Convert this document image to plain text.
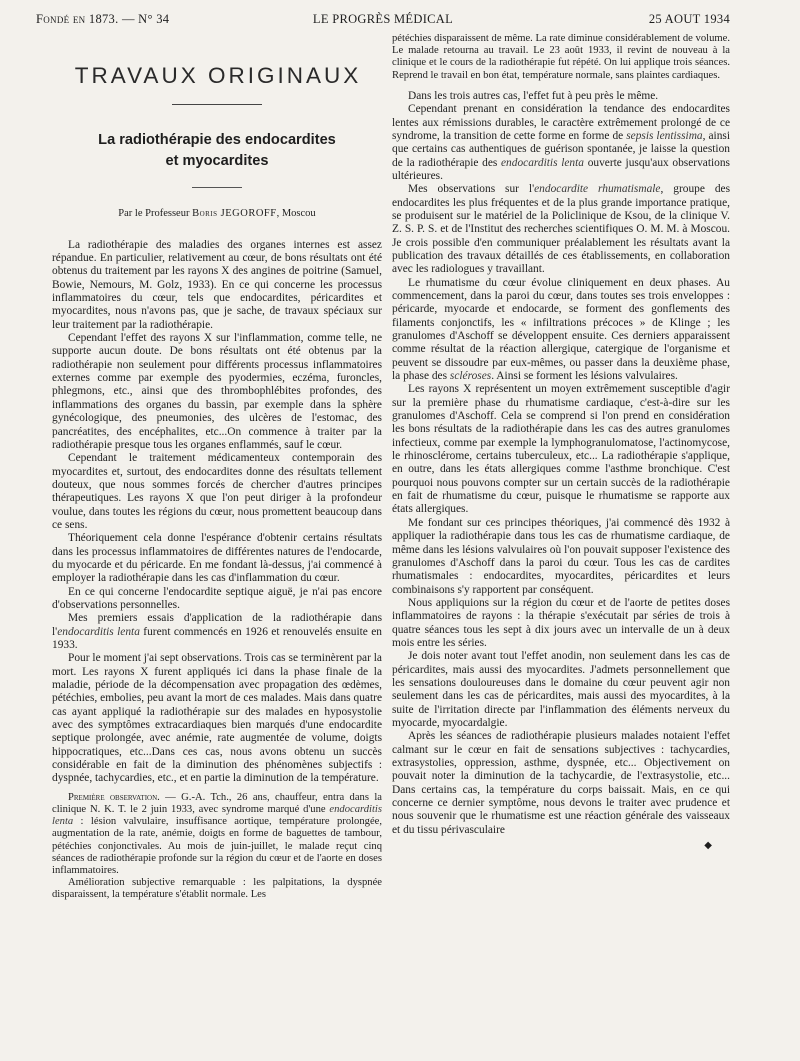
Fondé en 1873. — N° 34	LE PROGRÈS MÉDICAL	25 AOUT 1934
TRAVAUX ORIGINAUX
La radiothérapie des endocardites
et myocardites
Par le Professeur Boris JEGOROFF, Moscou

La radiothérapie des maladies des organes internes est assez répandue. En particulier, relativement au cœur, de bons résultats ont été obtenus du traitement par les rayons X des angines de poitrine (Samuel, Bowie, Nemours, M. Golz, 1933). En ce qui concerne les processus inflammatoires du cœur, tels que endocardites, péricardites et myocardites, nous n'avons pas, que je sache, de travaux spéciaux sur leur traitement par la radiothérapie.

Cependant l'effet des rayons X sur l'inflammation, comme telle, ne supporte aucun doute. De bons résultats ont été obtenus par la radiothérapie non seulement pour différents processus inflammatoires externes comme par exemple des pyodermies, eczéma, furoncles, phlegmons, etc., ainsi que des thrombophlébites profondes, des inflammations des organes du bassin, par exemple dans la sphère gynécologique, des pneumonies, des ulcères de l'estomac, des pancréatites, des encéphalites, etc...On commence à traiter par la radiothérapie presque tous les organes enflammés, sauf le cœur.

Cependant le traitement médicamenteux contemporain des myocardites et, surtout, des endocardites donne des résultats tellement douteux, que nous sommes forcés de chercher d'autres principes thérapeutiques. Les rayons X que l'on peut diriger à la profondeur voulue, dans toutes les régions du cœur, nous promettent beaucoup dans ce sens.

Théoriquement cela donne l'espérance d'obtenir certains résultats dans les processus inflammatoires de différentes natures de l'endocarde, du myocarde et du péricarde. En me fondant là-dessus, j'ai commencé à employer la radiothérapie dans les cas d'inflammation du cœur.

En ce qui concerne l'endocardite septique aiguë, je n'ai pas encore d'observations personnelles.

Mes premiers essais d'application de la radiothérapie dans l'endocarditis lenta furent commencés en 1926 et renouvelés ensuite en 1933.

Pour le moment j'ai sept observations. Trois cas se terminèrent par la mort. Les rayons X furent appliqués ici dans la phase finale de la maladie, période de la décompensation avec propagation des œdèmes, pétéchies, embolies, peu avant la mort de ces malades. Mais dans quatre cas ayant appliqué la radiothérapie sur des malades en hyposystolie avec des symptômes extracardiaques bien marqués d'une endocardite septique prolongée, avec anémie, rate augmentée de volume, doigts hippocratiques, etc...Dans ces cas, nous avons obtenu un succès considérable en fait de la diminution des phénomènes subjectifs : dyspnée, tachycardies, etc., et en partie la diminution de la température.

Première observation. — G.-A. Tch., 26 ans, chauffeur, entra dans la clinique N. K. T. le 2 juin 1933, avec syndrome marqué d'une endocarditis lenta : lésion valvulaire, insuffisance aortique, température prolongée, augmentation de la rate, anémie, doigts en forme de baguettes de tambour, pétéchies conjonctivales. Au mois de juin-juillet, le malade reçut cinq séances de radiothérapie profonde sur la région du cœur et de l'aorte en doses inflammatoires.

Amélioration subjective remarquable : les palpitations, la dyspnée disparaissent, la température s'établit normale. Les

pétéchies disparaissent de même. La rate diminue considérablement de volume. Le malade retourna au travail. Le 23 août 1933, il revint de nouveau à la clinique et le cours de la radiothérapie fut répété. On lui applique trois séances. Reprend le travail en bon état, température normale, sans plaintes cardiaques.

Dans les trois autres cas, l'effet fut à peu près le même.

Cependant prenant en considération la tendance des endocardites lentes aux rémissions durables, le caractère extrêmement prolongé de ce syndrome, la transition de cette forme en forme de sepsis lentissima, ainsi que certains cas authentiques de guérison spontanée, je laisse la question de la radiothérapie des endocarditis lenta ouverte jusqu'aux observations ultérieures.

Mes observations sur l'endocardite rhumatismale, groupe des endocardites les plus fréquentes et de la plus grande importance pratique, se produisent sur le matériel de la Policlinique de Ksou, de la clinique V. Z. S. P. S. et de l'Institut des recherches scientifiques O. M. M. à Moscou. Je crois possible d'en communiquer préalablement les résultats avant la publication des travaux détaillés de ces établissements, en collaboration avec les radiologues y travaillant.

Le rhumatisme du cœur évolue cliniquement en deux phases. Au commencement, dans la paroi du cœur, dans toutes ses trois enveloppes : péricarde, myocarde et endocarde, se forment des gonflements des filaments conjonctifs, les « infiltrations précoces » de Klinge ; les granulomes d'Aschoff se développent ensuite. Ces derniers apparaissent comme résultat de la réaction allergique, catergique de l'organisme et peuvent se dissoudre par eux-mêmes, ou passer dans la deuxième phase, la phase des scléroses. Ainsi se forment les lésions valvulaires.

Les rayons X représentent un moyen extrêmement susceptible d'agir sur la première phase du rhumatisme cardiaque, c'est-à-dire sur les granulomes d'Aschoff. Cela se comprend si l'on prend en considération les bons résultats de la radiothérapie dans les cas des autres granulomes infectieux, comme par exemple la lymphogranulomatose, l'actinomycose, le rhinosclérome, certains tuberculeux, etc... La radiothérapie s'applique, en outre, dans les états allergiques comme l'asthme bronchique. C'est pourquoi nous pouvons compter sur un certain succès de la radiothérapie en fait de rhumatisme du cœur, puisque le rhumatisme se rapporte aux états allergiques.

Me fondant sur ces principes théoriques, j'ai commencé dès 1932 à appliquer la radiothérapie dans tous les cas de rhumatisme cardiaque, de même dans les lésions valvulaires où l'on pouvait supposer l'existence des granulomes d'Aschoff dans la paroi du cœur. Tous les cas de cardites rhumatismales : endocardites, myocardites, péricardites et leurs combinaisons s'y rapportent par conséquent.

Nous appliquions sur la région du cœur et de l'aorte de petites doses inflammatoires de rayons : la thérapie s'exécutait par séries de trois à quatre séances tous les sept à dix jours avec un intervalle de un à deux mois entre les séries.

Je dois noter avant tout l'effet anodin, non seulement dans les cas de péricardites, mais aussi des myocardites. J'admets personnellement que les sensations douloureuses dans le domaine du cœur peuvent agir non seulement dans les cas de péricardites, mais aussi des myocardites, à la suite de l'irritation directe par l'inflammation des éléments nerveux du myocarde, myocardalgie.

Après les séances de radiothérapie plusieurs malades notaient l'effet calmant sur le cœur en fait de sensations subjectives : tachycardies, extrasystolies, oppression, asthme, dyspnée, etc... Objectivement on pouvait noter la diminution de la tachycardie, de l'extrasystolie, etc... Dans certains cas, la température du corps baissait. Mais, en ce qui concerne ce dernier symptôme, nous devons le traiter avec prudence et nous souvenir que le rhumatisme est une réaction générale des vaisseaux et du tissu périvasculaire

◆
